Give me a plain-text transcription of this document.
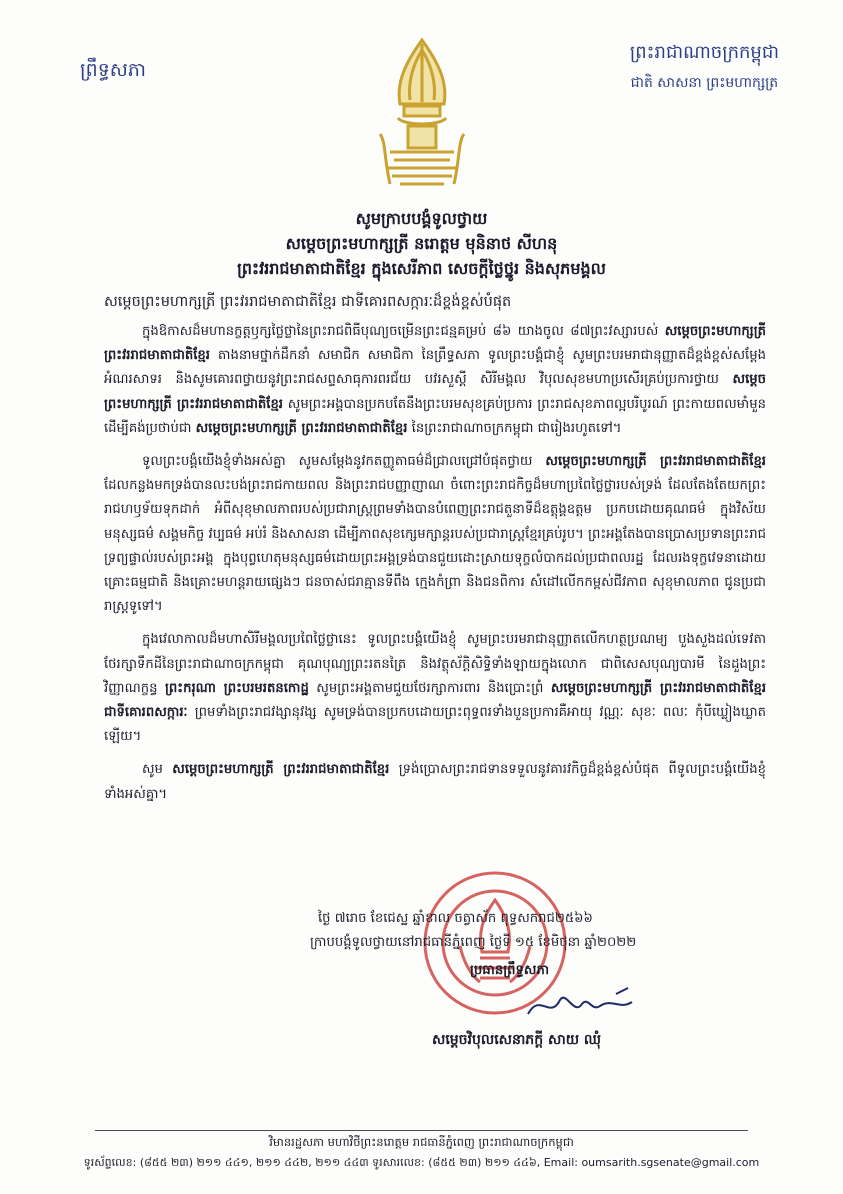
ព្រឹទ្ធសភា
ព្រះរាជាណាចក្រកម្ពុជា
ជាតិ សាសនា ព្រះមហាក្សត្រ
សូមក្រាបបង្គំទូលថ្វាយ
សម្តេចព្រះមហាក្សត្រី នរោត្តម មុនិនាថ សីហនុ
ព្រះវររាជមាតាជាតិខ្មែរ ក្នុងសេរីភាព សេចក្តីថ្លៃថ្នូរ និងសុភមង្គល
សម្តេចព្រះមហាក្សត្រី ព្រះវររាជមាតាជាតិខ្មែរ ជាទីគោរពសក្ការៈដ៏ខ្ពង់ខ្ពស់បំផុត

ក្នុងឱកាសដ៏មហានក្ខត្តឫក្សថ្លៃថ្លានៃព្រះរាជពិធីបុណ្យចម្រើនព្រះជន្មគម្រប់ ៨៦ យាងចូល ៨៧ព្រះវស្សារបស់ សម្តេចព្រះមហាក្សត្រី ព្រះវររាជមាតាជាតិខ្មែរ តាងនាមថ្នាក់ដឹកនាំ សមាជិក សមាជិកា នៃព្រឹទ្ធសភា ទូលព្រះបង្គំជាខ្ញុំ សូមព្រះបរមរាជានុញ្ញាតដ៏ខ្ពង់ខ្ពស់សម្តែងអំណរសាទរ និងសូមគោរពថ្វាយនូវព្រះរាជសព្ទសាធុការពរជ័យ បវរសួស្តី សិរីមង្គល វិបុលសុខមហាប្រសើរគ្រប់ប្រការថ្វាយ សម្តេចព្រះមហាក្សត្រី ព្រះវររាជមាតាជាតិខ្មែរ សូមព្រះអង្គបានប្រកបតែនឹងព្រះបរមសុខគ្រប់ប្រការ ព្រះរាជសុខភាពល្អបរិបូរណ៍ ព្រះកាយពលមាំមួន ដើម្បីគង់ប្រថាប់ជា សម្តេចព្រះមហាក្សត្រី ព្រះវររាជមាតាជាតិខ្មែរ នៃព្រះរាជាណាចក្រកម្ពុជា ជារៀងរហូតទៅ។

ទូលព្រះបង្គំយើងខ្ញុំទាំងអស់គ្នា សូមសម្តែងនូវកតញ្ញូតាធម៌ដ៏ជ្រាលជ្រៅបំផុតថ្វាយ សម្តេចព្រះមហាក្សត្រី ព្រះវររាជមាតាជាតិខ្មែរ ដែលកន្លងមកទ្រង់បានលះបង់ព្រះរាជកាយពល និងព្រះរាជបញ្ញាញាណ ចំពោះព្រះរាជកិច្ចដ៏មហាប្រពៃថ្លៃថ្លារបស់ទ្រង់ ដែលតែងតែយកព្រះរាជហឫទ័យទុកដាក់ អំពីសុខុមាលភាពរបស់ប្រជារាស្រ្តព្រមទាំងបានបំពេញព្រះរាជតួនាទីដ៏ឧត្តុង្គឧត្តម ប្រកបដោយគុណធម៌ ក្នុងវិស័យមនុស្សធម៌ សង្គមកិច្ច វប្បធម៌ អប់រំ និងសាសនា ដើម្បីភាពសុខក្សេមក្សាន្តរបស់ប្រជារាស្រ្តខ្មែរគ្រប់រូប។ ព្រះអង្គតែងបានប្រោសប្រទានព្រះរាជទ្រព្យផ្ទាល់របស់ព្រះអង្គ ក្នុងបុព្វហេតុមនុស្សធម៌ដោយព្រះអង្គទ្រង់បានជួយដោះស្រាយទុក្ខលំបាកដល់ប្រជាពលរដ្ឋ ដែលរងទុក្ខវេទនាដោយគ្រោះធម្មជាតិ និងគ្រោះមហន្តរាយផ្សេងៗ ជនចាស់ជរាគ្មានទីពឹង ក្មេងកំព្រា និងជនពិការ សំដៅលើកកម្ពស់ជីវភាព សុខុមាលភាព ជូនប្រជារាស្រ្តទូទៅ។

ក្នុងវេលាកាលដ៏មហាសិរីមង្គលប្រពៃថ្លៃថ្លានេះ ទូលព្រះបង្គំយើងខ្ញុំ សូមព្រះបរមរាជានុញ្ញាតលើកហត្ថប្រណម្យ បួងសួងដល់ទេវតាថែរក្សាទឹកដីនៃព្រះរាជាណាចក្រកម្ពុជា គុណបុណ្យព្រះរតនត្រៃ និងវត្ថុស័ក្តិសិទ្ធិទាំងឡាយក្នុងលោក ជាពិសេសបុណ្យបារមី នៃដួងព្រះវិញ្ញាណក្ខន្ធ ព្រះករុណា ព្រះបរមរតនកោដ្ឋ សូមព្រះអង្គតាមជួយថែរក្សាការពារ និងប្រោះព្រំ សម្តេចព្រះមហាក្សត្រី ព្រះវររាជមាតាជាតិខ្មែរ ជាទីគោរពសក្ការៈ ព្រមទាំងព្រះរាជវង្សានុវង្ស សូមទ្រង់បានប្រកបដោយព្រះពុទ្ធពរទាំងបួនប្រការគឺអាយុ វណ្ណៈ សុខៈ ពលៈ កុំបីឃ្លៀងឃ្លាតឡើយ។

សូម សម្តេចព្រះមហាក្សត្រី ព្រះវររាជមាតាជាតិខ្មែរ ទ្រង់ប្រោសព្រះរាជទានទទួលនូវគារវកិច្ចដ៏ខ្ពង់ខ្ពស់បំផុត ពីទូលព្រះបង្គំយើងខ្ញុំទាំងអស់គ្នា។

ថ្ងៃ ៧រោច ខែជេស្ឋ ឆ្នាំខាល ចត្វាស័ក ពុទ្ធសករាជ២៥៦៦
ក្រាបបង្គំទូលថ្វាយនៅរាជធានីភ្នំពេញ ថ្ងៃទី ១៥ ខែមិថុនា ឆ្នាំ២០២២
ប្រធានព្រឹទ្ធសភា
សម្តេចវិបុលសេនាភក្តី សាយ ឈុំ
វិមានរដ្ឋសភា មហាវិថីព្រះនរោត្តម រាជធានីភ្នំពេញ ព្រះរាជាណាចក្រកម្ពុជា
ទូរស័ព្ទលេខ: (៨៥៥ ២៣) ២១១ ៤៤១, ២១១ ៤៤២, ២១១ ៤៤៣ ទូរសារលេខ: (៨៥៥ ២៣) ២១១ ៤៤៦, Email: oumsarith.sgsenate@gmail.com
